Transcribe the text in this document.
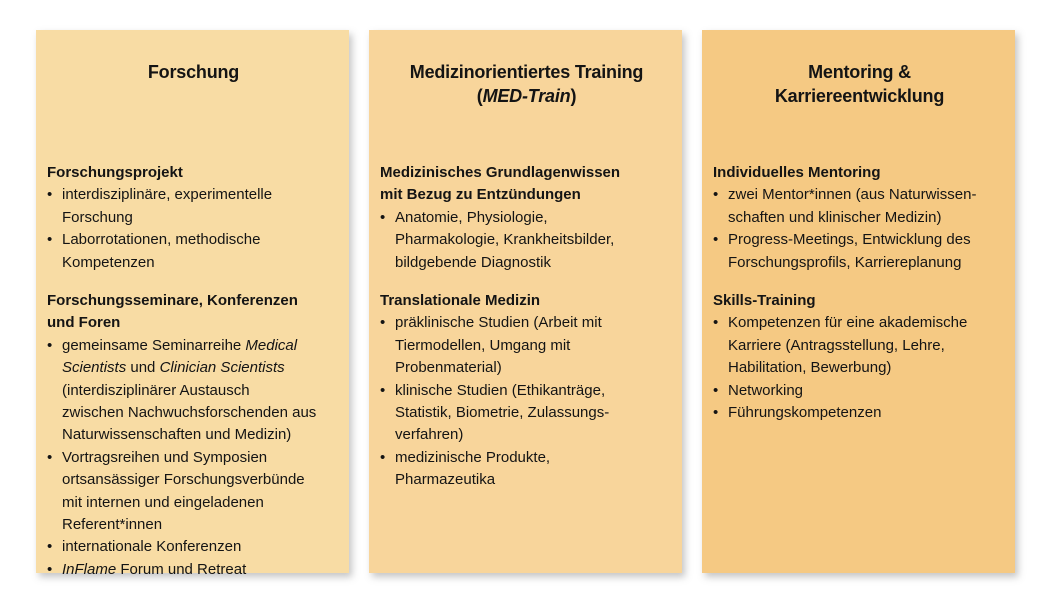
Forschung
Forschungsprojekt
• interdisziplinäre, experimentelle
Forschung
• Laborrotationen, methodische
Kompetenzen
Forschungsseminare, Konferenzen
und Foren
• gemeinsame Seminarreihe Medical
Scientists und Clinician Scientists
(interdisziplinärer Austausch
zwischen Nachwuchsforschenden aus
Naturwissenschaften und Medizin)
• Vortragsreihen und Symposien
ortsansässiger Forschungsverbünde
mit internen und eingeladenen
Referent*innen
• internationale Konferenzen
• InFlame Forum und Retreat
Medizinorientiertes Training
(MED-Train)
Medizinisches Grundlagenwissen
mit Bezug zu Entzündungen
• Anatomie, Physiologie,
Pharmakologie, Krankheitsbilder,
bildgebende Diagnostik
Translationale Medizin
• präklinische Studien (Arbeit mit
Tiermodellen, Umgang mit
Probenmaterial)
• klinische Studien (Ethikanträge,
Statistik, Biometrie, Zulassungs-
verfahren)
• medizinische Produkte,
Pharmazeutika
Mentoring &
Karriereentwicklung
Individuelles Mentoring
• zwei Mentor*innen (aus Naturwissen-
schaften und klinischer Medizin)
• Progress-Meetings, Entwicklung des
Forschungsprofils, Karriereplanung
Skills-Training
• Kompetenzen für eine akademische
Karriere (Antragsstellung, Lehre,
Habilitation, Bewerbung)
• Networking
• Führungskompetenzen
